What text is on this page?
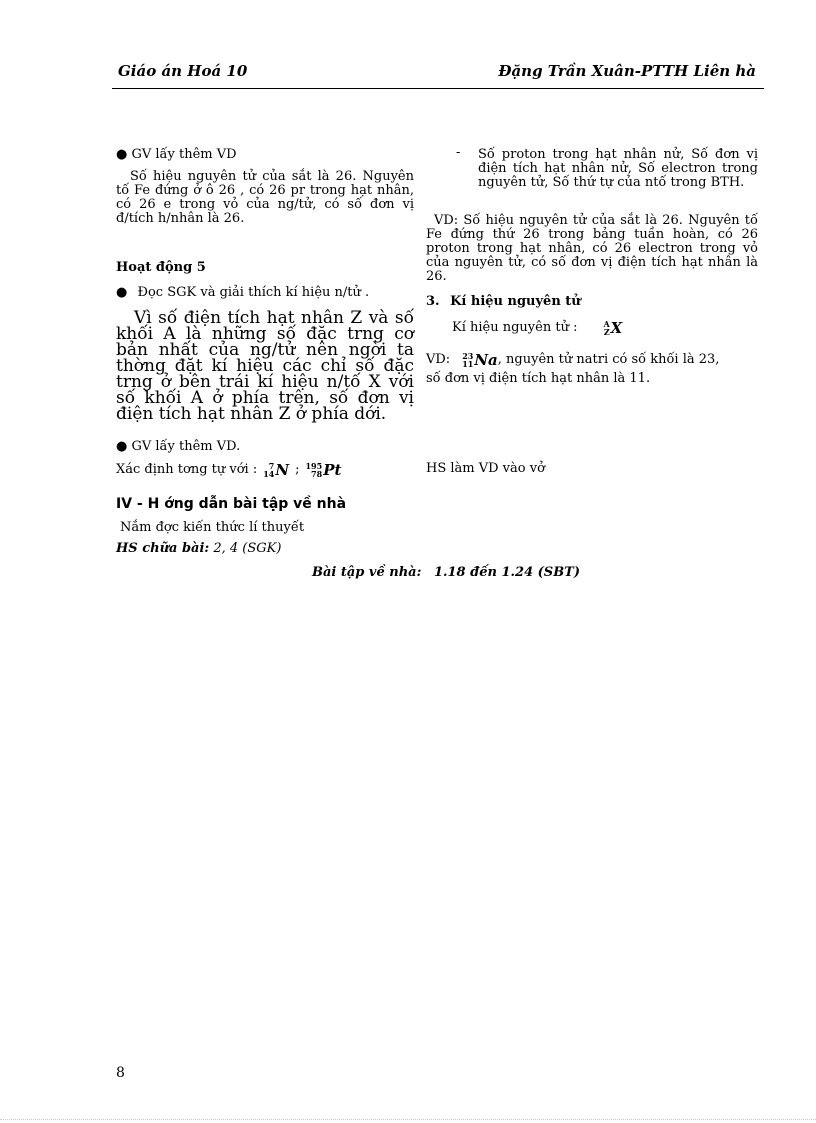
Giáo án Hoá 10	Đặng Trần Xuân-PTTH Liên hà
● GV lấy thêm VD
Số hiệu nguyên tử của sắt là 26. Nguyên tố Fe đứng ở ô 26 , có 26 pr trong hạt nhân, có 26 e trong vỏ của ng/tử, có số đơn vị đ/tích h/nhân là 26.
Hoạt động 5
● Đọc SGK và giải thích kí hiệu n/tử .
Vì số điện tích hạt nhân Z và số khối A là những số đặc trng cơ bản nhất của ng/tử nên ngời ta thờng đặt kí hiệu các chỉ số đặc trng ở bên trái kí hiệu n/tố X với số khối A ở phía trên, số đơn vị điện tích hạt nhân Z ở phía dới.
● GV lấy thêm VD.
Xác định tơng tự với :	7
14 N ; 195
78 Pt
IV - H ớng dẫn bài tập về nhà
Nắm đợc kiến thức lí thuyết
HS chữa bài: 2, 4 (SGK)
- Số proton trong hạt nhân nử, Số đơn vị điện tích hạt nhân nử, Số electron trong nguyên tử, Số thứ tự của ntố trong BTH.
VD: Số hiệu nguyên tử của sắt là 26. Nguyên tố Fe đứng thứ 26 trong bảng tuần hoàn, có 26 proton trong hạt nhân, có 26 electron trong vỏ của nguyên tử, có số đơn vị điện tích hạt nhân là 26.
3. Kí hiệu nguyên tử
Kí hiệu nguyên tử :	A
Z X
VD: 23
11 Na , nguyên tử natri có số khối là 23,
số đơn vị điện tích hạt nhân là 11.
HS làm VD vào vở
Bài tập về nhà: 1.18 đến 1.24 (SBT)
8
